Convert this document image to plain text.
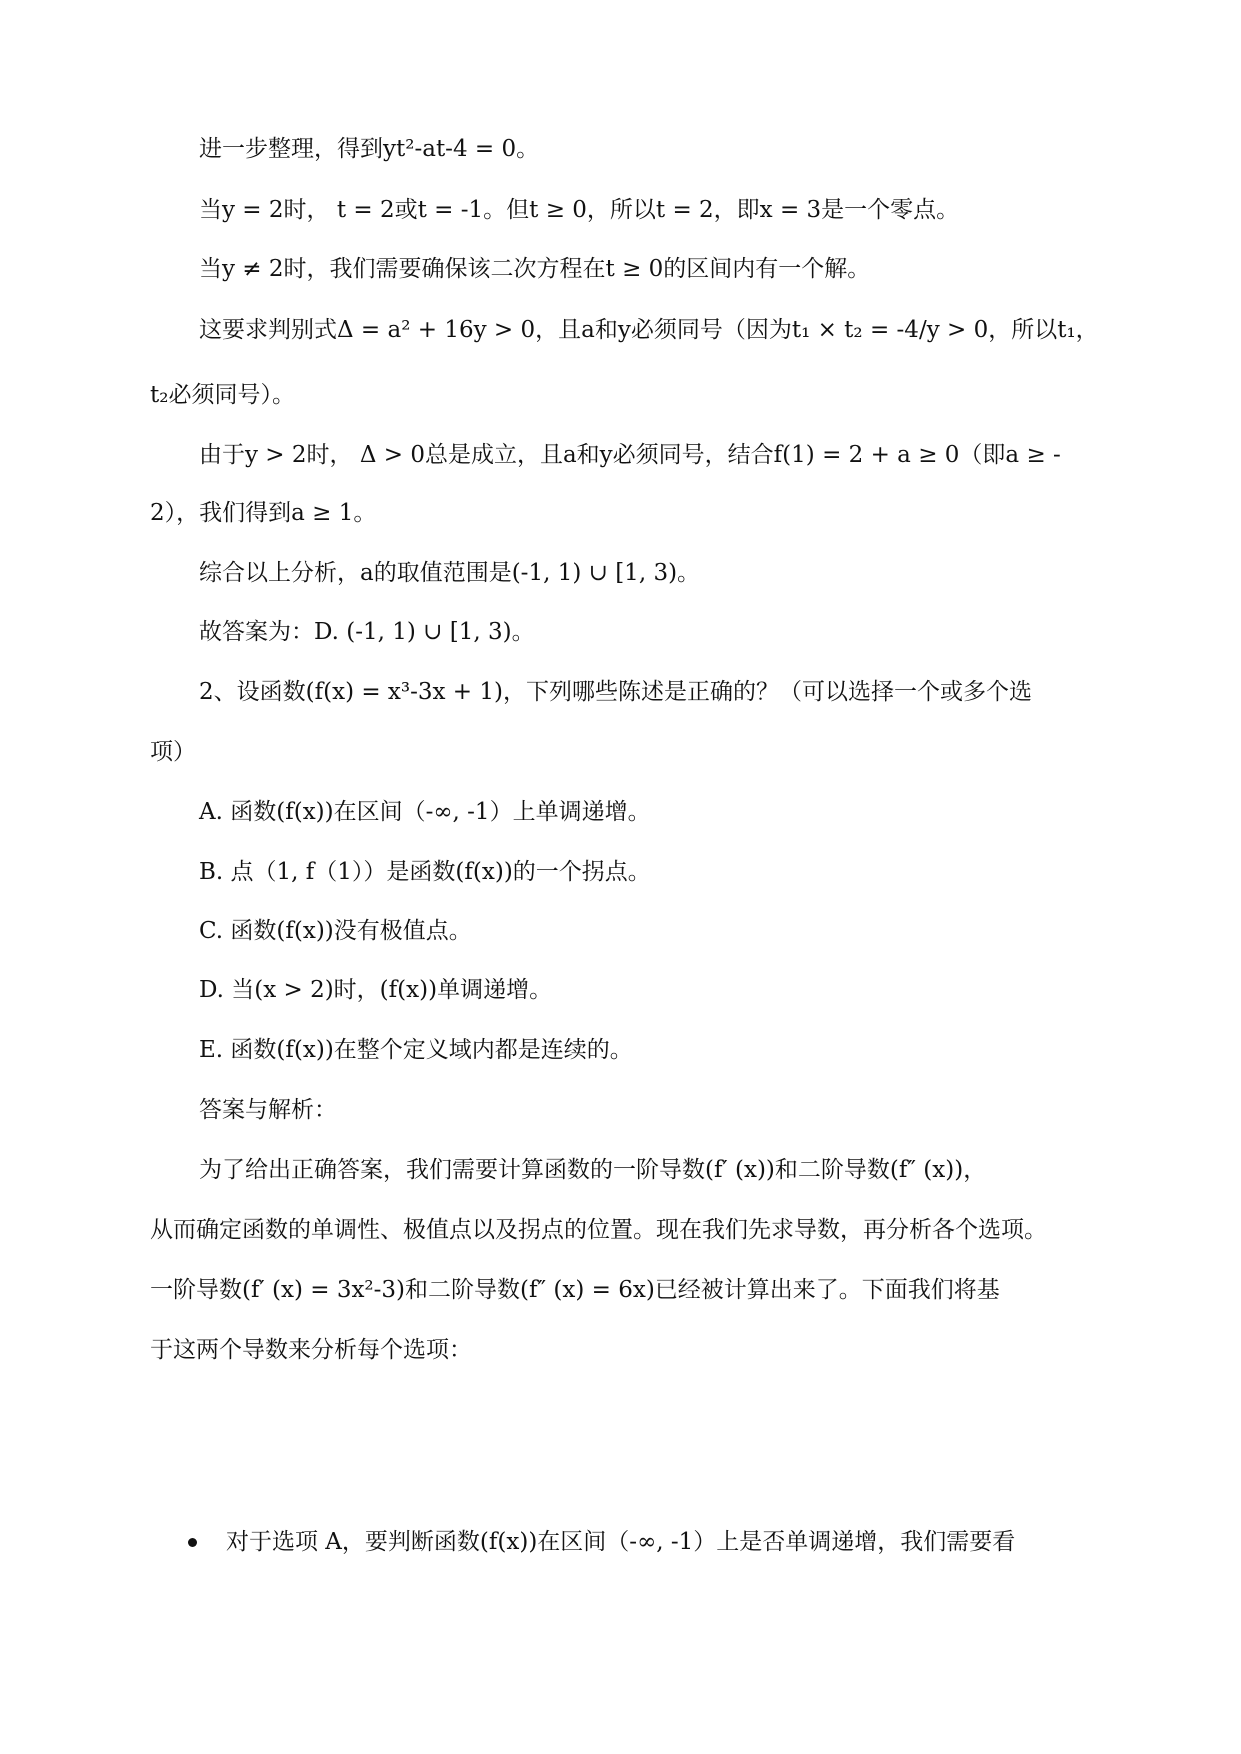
进一步整理，得到yt²-at-4 = 0。
当y = 2时， t = 2或t = -1。但t ≥ 0，所以t = 2，即x = 3是一个零点。
当y ≠ 2时，我们需要确保该二次方程在t ≥ 0的区间内有一个解。
这要求判别式Δ = a² + 16y > 0，且a和y必须同号（因为t₁ × t₂ = -4/y > 0，所以t₁，
t₂必须同号）。
由于y > 2时， Δ > 0总是成立，且a和y必须同号，结合f(1) = 2 + a ≥ 0（即a ≥ -
2），我们得到a ≥ 1。
综合以上分析，a的取值范围是(-1, 1) ∪ [1, 3)。
故答案为：D. (-1, 1) ∪ [1, 3)。
2、设函数(f(x) = x³-3x + 1)，下列哪些陈述是正确的？（可以选择一个或多个选
项）
A. 函数(f(x))在区间（-∞, -1）上单调递增。
B. 点（1, f（1））是函数(f(x))的一个拐点。
C. 函数(f(x))没有极值点。
D. 当(x > 2)时，(f(x))单调递增。
E. 函数(f(x))在整个定义域内都是连续的。
答案与解析：
为了给出正确答案，我们需要计算函数的一阶导数(f′ (x))和二阶导数(f″ (x))，
从而确定函数的单调性、极值点以及拐点的位置。现在我们先求导数，再分析各个选项。
一阶导数(f′ (x) = 3x²-3)和二阶导数(f″ (x) = 6x)已经被计算出来了。下面我们将基
于这两个导数来分析每个选项：
对于选项 A，要判断函数(f(x))在区间（-∞, -1）上是否单调递增，我们需要看
